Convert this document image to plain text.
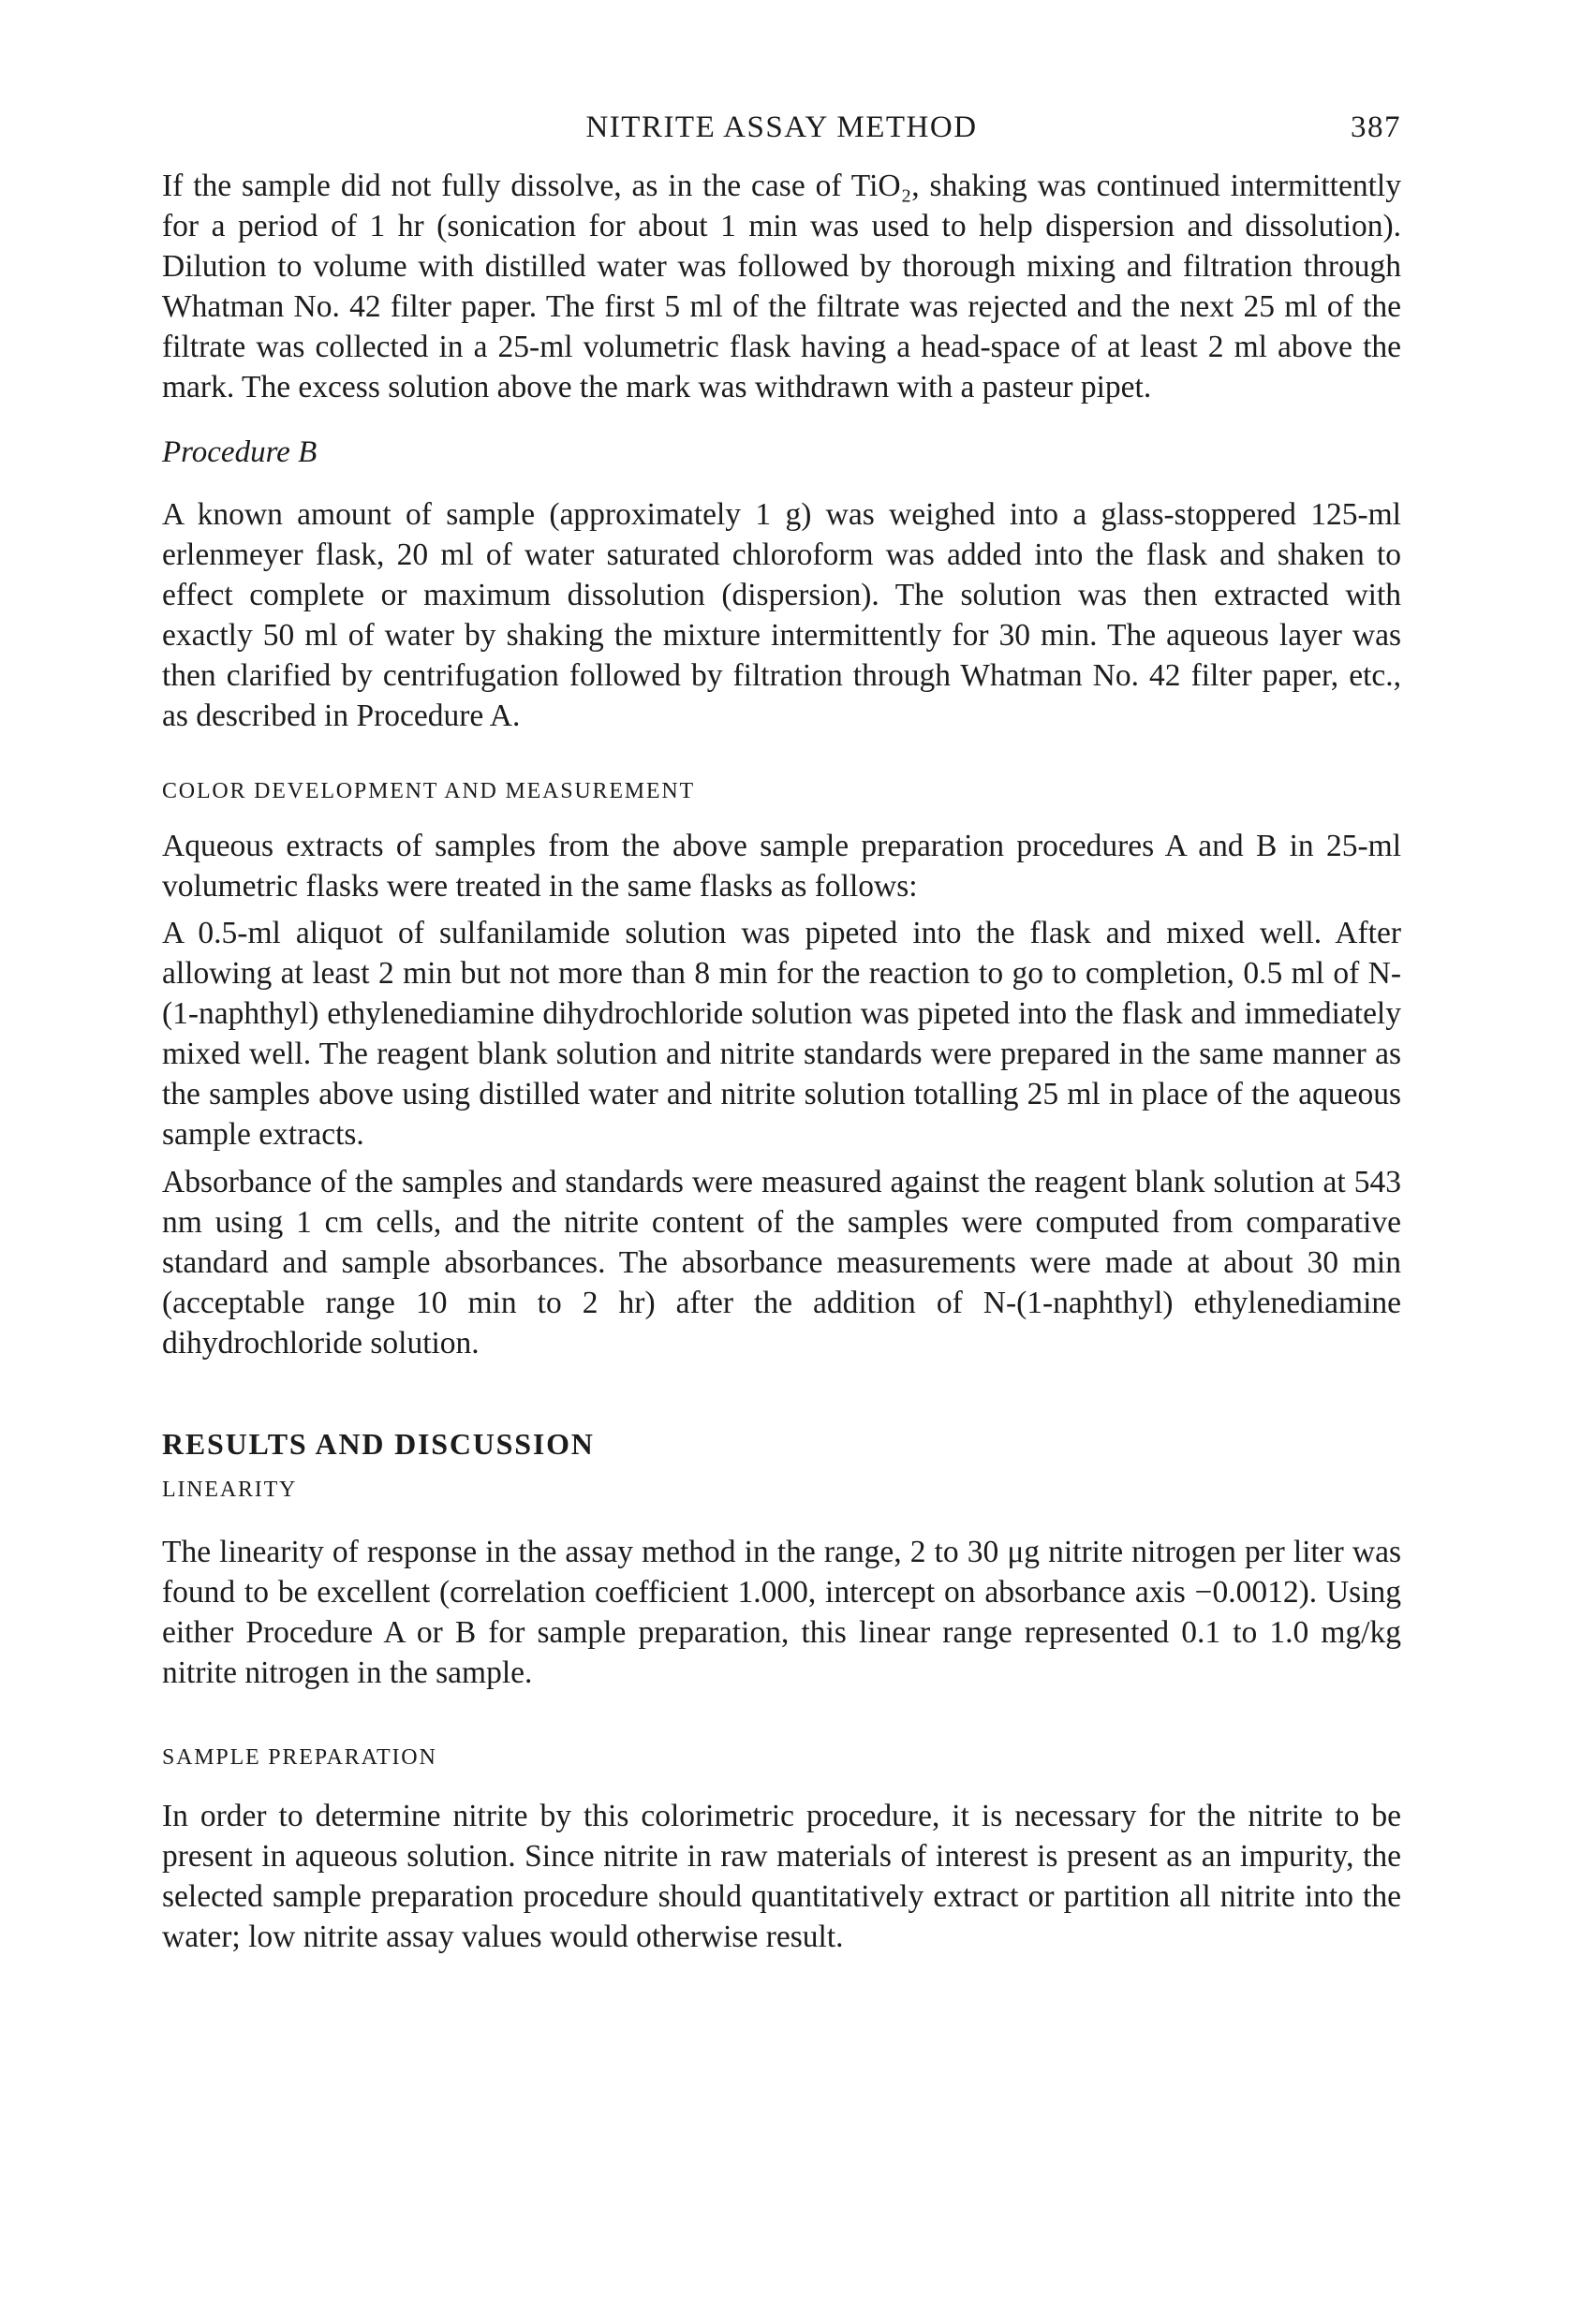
NITRITE ASSAY METHOD	387

If the sample did not fully dissolve, as in the case of TiO₂, shaking was continued intermittently for a period of 1 hr (sonication for about 1 min was used to help dispersion and dissolution). Dilution to volume with distilled water was followed by thorough mixing and filtration through Whatman No. 42 filter paper. The first 5 ml of the filtrate was rejected and the next 25 ml of the filtrate was collected in a 25-ml volumetric flask having a head-space of at least 2 ml above the mark. The excess solution above the mark was withdrawn with a pasteur pipet.

Procedure B

A known amount of sample (approximately 1 g) was weighed into a glass-stoppered 125-ml erlenmeyer flask, 20 ml of water saturated chloroform was added into the flask and shaken to effect complete or maximum dissolution (dispersion). The solution was then extracted with exactly 50 ml of water by shaking the mixture intermittently for 30 min. The aqueous layer was then clarified by centrifugation followed by filtration through Whatman No. 42 filter paper, etc., as described in Procedure A.

COLOR DEVELOPMENT AND MEASUREMENT

Aqueous extracts of samples from the above sample preparation procedures A and B in 25-ml volumetric flasks were treated in the same flasks as follows:

A 0.5-ml aliquot of sulfanilamide solution was pipeted into the flask and mixed well. After allowing at least 2 min but not more than 8 min for the reaction to go to completion, 0.5 ml of N-(1-naphthyl) ethylenediamine dihydrochloride solution was pipeted into the flask and immediately mixed well. The reagent blank solution and nitrite standards were prepared in the same manner as the samples above using distilled water and nitrite solution totalling 25 ml in place of the aqueous sample extracts.

Absorbance of the samples and standards were measured against the reagent blank solution at 543 nm using 1 cm cells, and the nitrite content of the samples were computed from comparative standard and sample absorbances. The absorbance measurements were made at about 30 min (acceptable range 10 min to 2 hr) after the addition of N-(1-naphthyl) ethylenediamine dihydrochloride solution.

RESULTS AND DISCUSSION
LINEARITY

The linearity of response in the assay method in the range, 2 to 30 μg nitrite nitrogen per liter was found to be excellent (correlation coefficient 1.000, intercept on absorbance axis −0.0012). Using either Procedure A or B for sample preparation, this linear range represented 0.1 to 1.0 mg/kg nitrite nitrogen in the sample.

SAMPLE PREPARATION

In order to determine nitrite by this colorimetric procedure, it is necessary for the nitrite to be present in aqueous solution. Since nitrite in raw materials of interest is present as an impurity, the selected sample preparation procedure should quantitatively extract or partition all nitrite into the water; low nitrite assay values would otherwise result.
